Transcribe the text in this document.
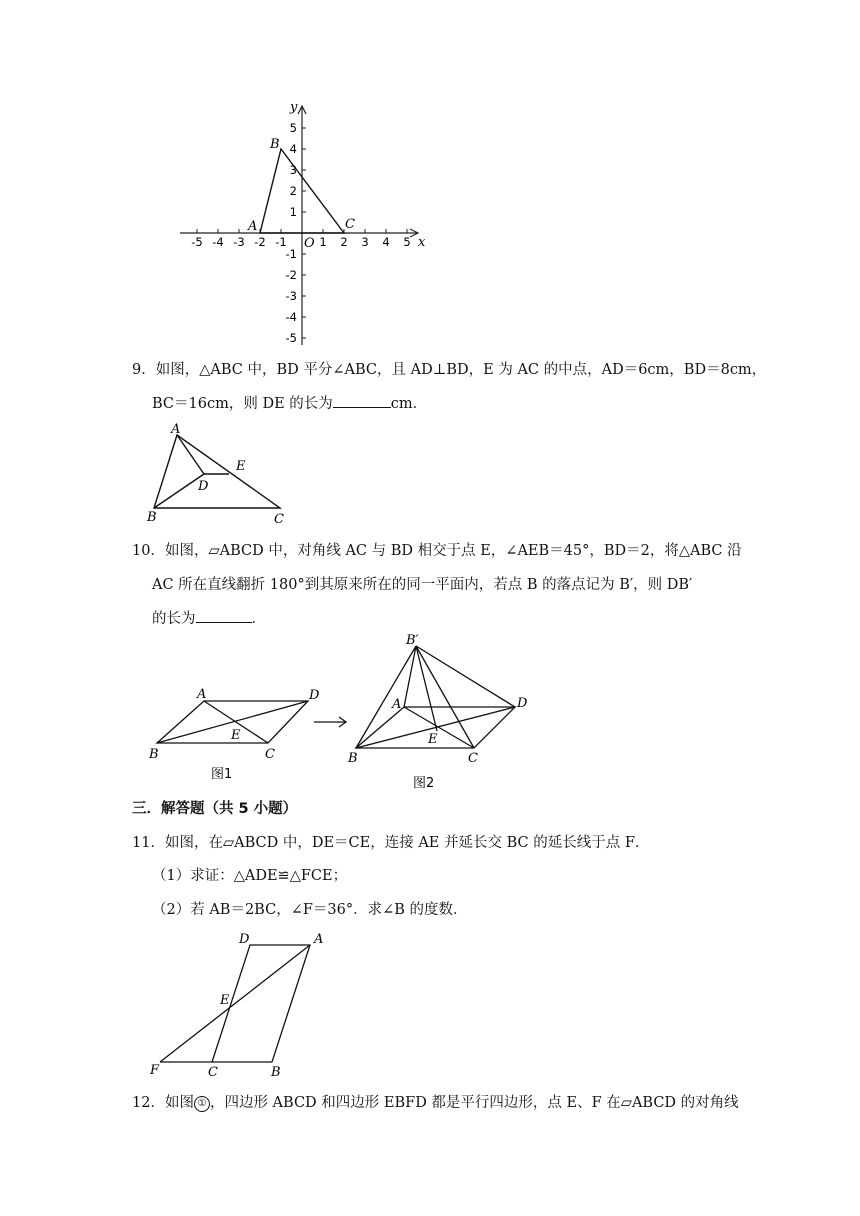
A
B
C
O	x
y
-5 -4 -3 -2 -1	1 2 3 4 5
5
4
3
2
1
-1
-2
-3
-4
-5
9．如图，△ABC 中，BD 平分∠ABC，且 AD⊥BD，E 为 AC 的中点，AD＝6cm，BD＝8cm，
BC＝16cm，则 DE 的长为	cm．
A
B	C
D
E
10．如图，▱ABCD 中，对角线 AC 与 BD 相交于点 E，∠AEB＝45°，BD＝2，将△ABC 沿
AC 所在直线翻折 180°到其原来所在的同一平面内，若点 B 的落点记为 B′，则 DB′
的长为	．
A	D
B	C
E
图1
B′
A	D
B	C
E
图2
三．解答题（共 5 小题）
11．如图，在▱ABCD 中，DE＝CE，连接 AE 并延长交 BC 的延长线于点 F．
（1）求证：△ADE≌△FCE；
（2）若 AB＝2BC，∠F＝36°．求∠B 的度数．
D	A
E
F	C	B
12．如图 ① ，四边形 ABCD 和四边形 EBFD 都是平行四边形，点 E、F 在▱ABCD 的对角线
